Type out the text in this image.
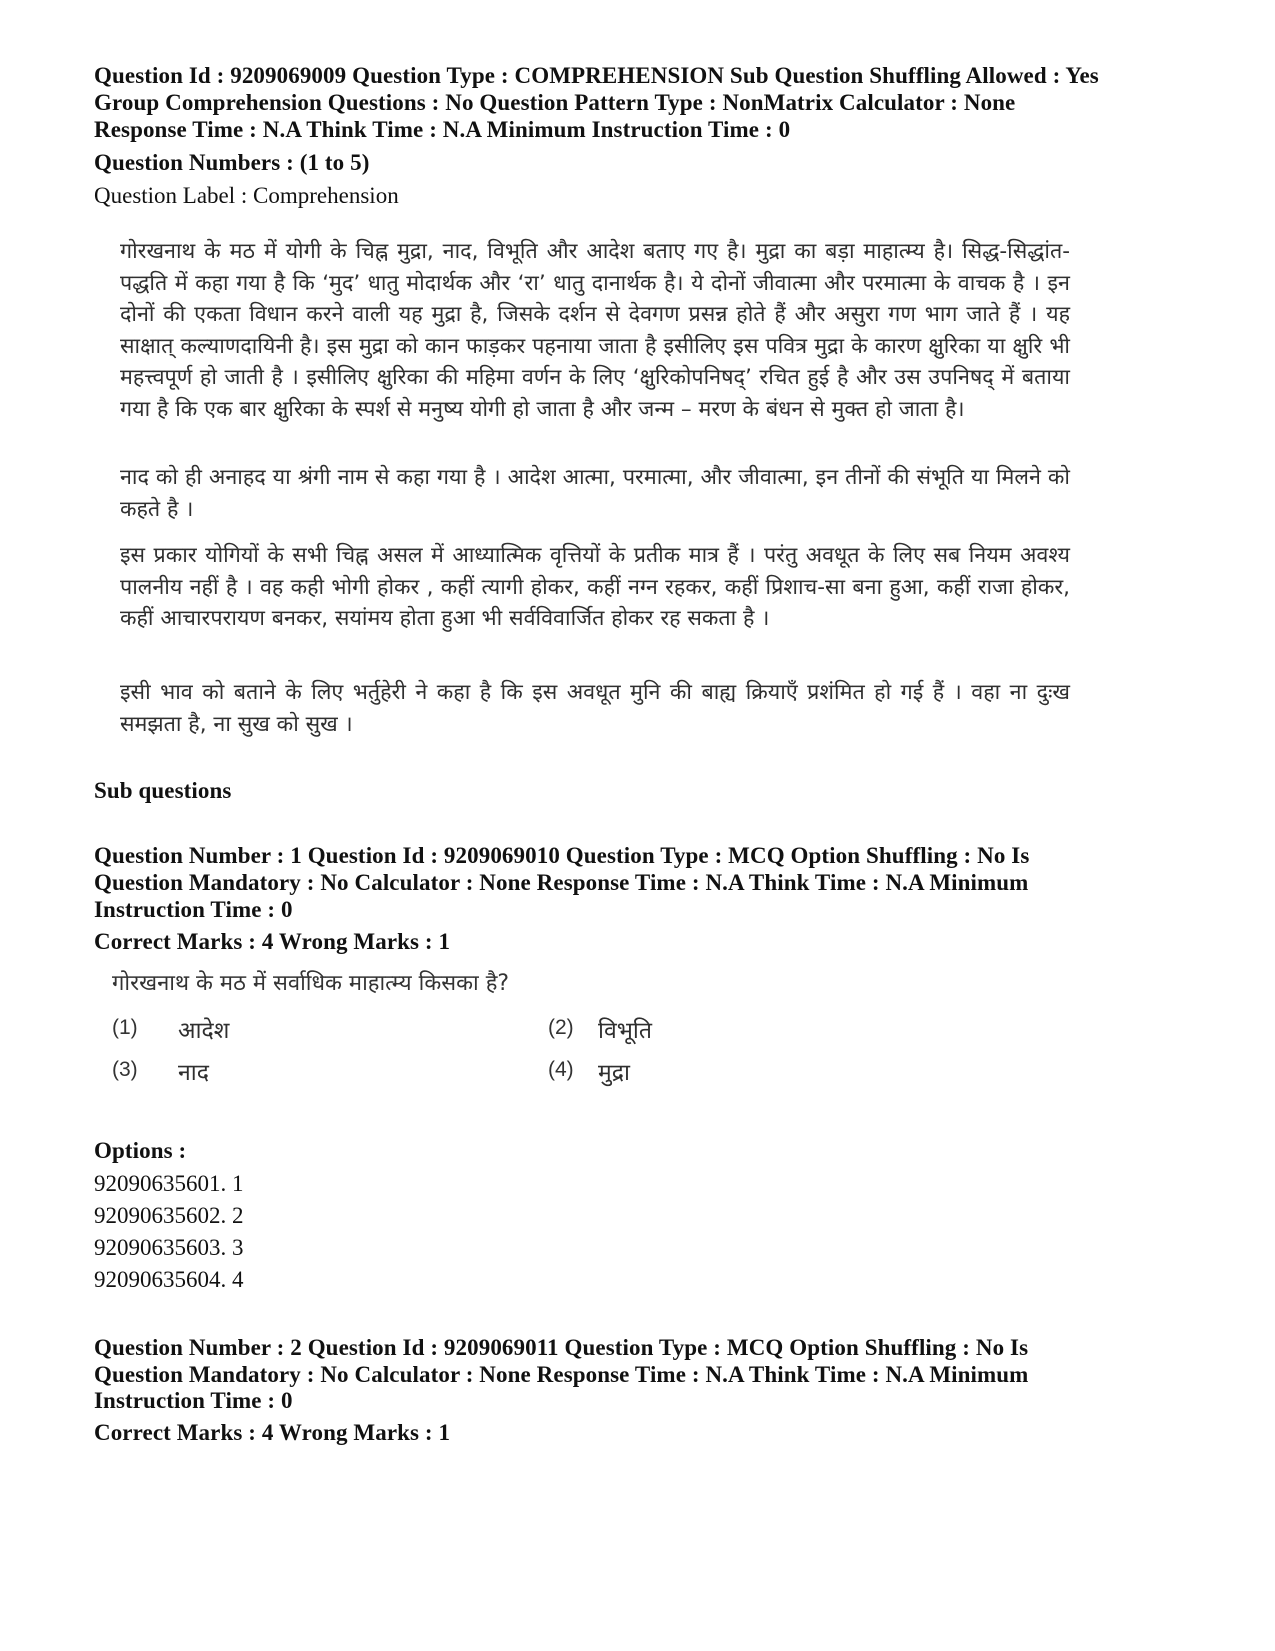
Question Id : 9209069009 Question Type : COMPREHENSION Sub Question Shuffling Allowed : Yes
Group Comprehension Questions : No Question Pattern Type : NonMatrix Calculator : None
Response Time : N.A Think Time : N.A Minimum Instruction Time : 0
Question Numbers : (1 to 5)
Question Label : Comprehension
गोरखनाथ के मठ में योगी के चिह्न मुद्रा, नाद, विभूति और आदेश बताए गए है। मुद्रा का बड़ा माहात्म्य है। सिद्ध-सिद्धांत-पद्धति में कहा गया है कि ‘मुद’ धातु मोदार्थक और ‘रा’ धातु दानार्थक है। ये दोनों जीवात्मा और परमात्मा के वाचक है । इन दोनों की एकता विधान करने वाली यह मुद्रा है, जिसके दर्शन से देवगण प्रसन्न होते हैं और असुरा गण भाग जाते हैं । यह साक्षात् कल्याणदायिनी है। इस मुद्रा को कान फाड़कर पहनाया जाता है इसीलिए इस पवित्र मुद्रा के कारण क्षुरिका या क्षुरि भी महत्त्वपूर्ण हो जाती है । इसीलिए क्षुरिका की महिमा वर्णन के लिए ‘क्षुरिकोपनिषद्’ रचित हुई है और उस उपनिषद् में बताया गया है कि एक बार क्षुरिका के स्पर्श से मनुष्य योगी हो जाता है और जन्म – मरण के बंधन से मुक्त हो जाता है।
नाद को ही अनाहद या श्रंगी नाम से कहा गया है । आदेश आत्मा, परमात्मा, और जीवात्मा, इन तीनों की संभूति या मिलने को कहते है ।
इस प्रकार योगियों के सभी चिह्न असल में आध्यात्मिक वृत्तियों के प्रतीक मात्र हैं । परंतु अवधूत के लिए सब नियम अवश्य पालनीय नहीं है । वह कही भोगी होकर , कहीं त्यागी होकर, कहीं नग्न रहकर, कहीं प्रिशाच-सा बना हुआ, कहीं राजा होकर, कहीं आचारपरायण बनकर, सयांमय होता हुआ भी सर्वविवार्जित होकर रह सकता है ।
इसी भाव को बताने के लिए भर्तुहेरी ने कहा है कि इस अवधूत मुनि की बाह्य क्रियाएँ प्रशंमित हो गई हैं । वहा ना दुःख समझता है, ना सुख को सुख ।
Sub questions
Question Number : 1 Question Id : 9209069010 Question Type : MCQ Option Shuffling : No Is
Question Mandatory : No Calculator : None Response Time : N.A Think Time : N.A Minimum
Instruction Time : 0
Correct Marks : 4 Wrong Marks : 1
गोरखनाथ के मठ में सर्वाधिक माहात्म्य किसका है?
(1) आदेश	(2) विभूति
(3) नाद	(4) मुद्रा
Options :
92090635601. 1
92090635602. 2
92090635603. 3
92090635604. 4
Question Number : 2 Question Id : 9209069011 Question Type : MCQ Option Shuffling : No Is
Question Mandatory : No Calculator : None Response Time : N.A Think Time : N.A Minimum
Instruction Time : 0
Correct Marks : 4 Wrong Marks : 1
